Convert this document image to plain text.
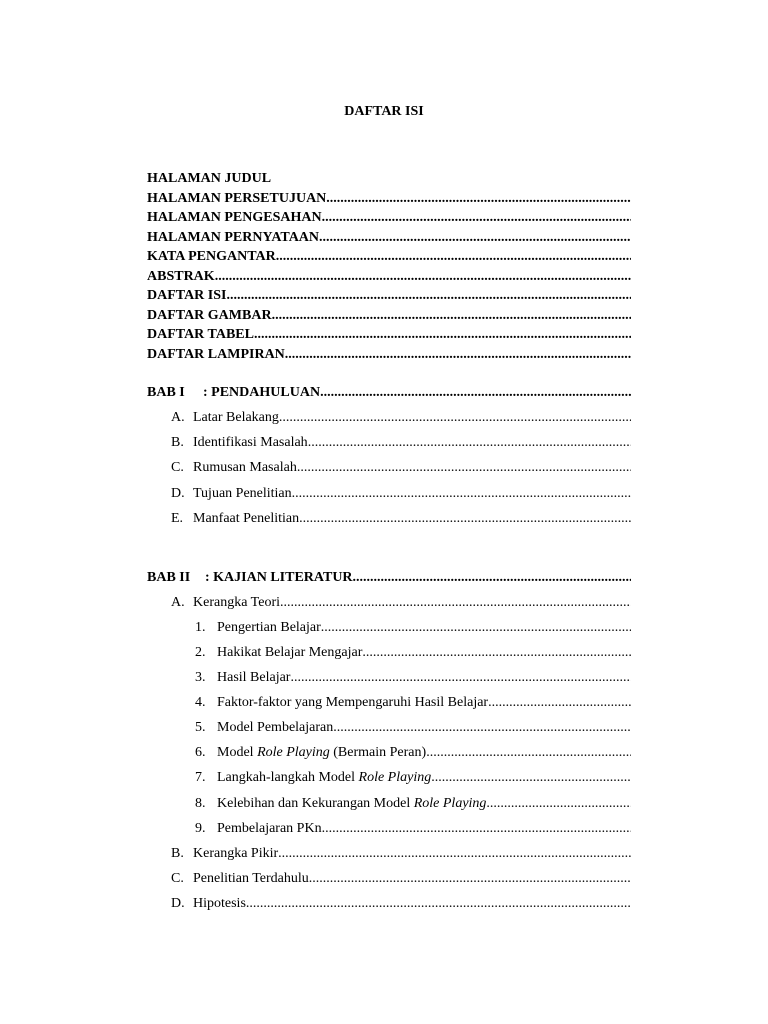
DAFTAR ISI
HALAMAN JUDUL
HALAMAN PERSETUJUAN
.....
HALAMAN PENGESAHAN
.....
HALAMAN PERNYATAAN
.....
KATA PENGANTAR
.....
ABSTRAK
.....
DAFTAR ISI
.....
DAFTAR GAMBAR
.....
DAFTAR TABEL
.....
DAFTAR LAMPIRAN
.....
BAB I : PENDAHULUAN
.....
A. Latar Belakang
.....
B. Identifikasi Masalah
.....
C. Rumusan Masalah
.....
D. Tujuan Penelitian
.....
E. Manfaat Penelitian
.....
BAB II : KAJIAN LITERATUR
.....
A. Kerangka Teori
.....
1. Pengertian Belajar
.....
2. Hakikat Belajar Mengajar
.....
3. Hasil Belajar
.....
4. Faktor-faktor yang Mempengaruhi Hasil Belajar
.....
5. Model Pembelajaran
.....
6. Model Role Playing (Bermain Peran)
.....
7. Langkah-langkah Model Role Playing
.....
8. Kelebihan dan Kekurangan Model Role Playing
.....
9. Pembelajaran PKn
.....
B. Kerangka Pikir
.....
C. Penelitian Terdahulu
.....
D. Hipotesis
.....
